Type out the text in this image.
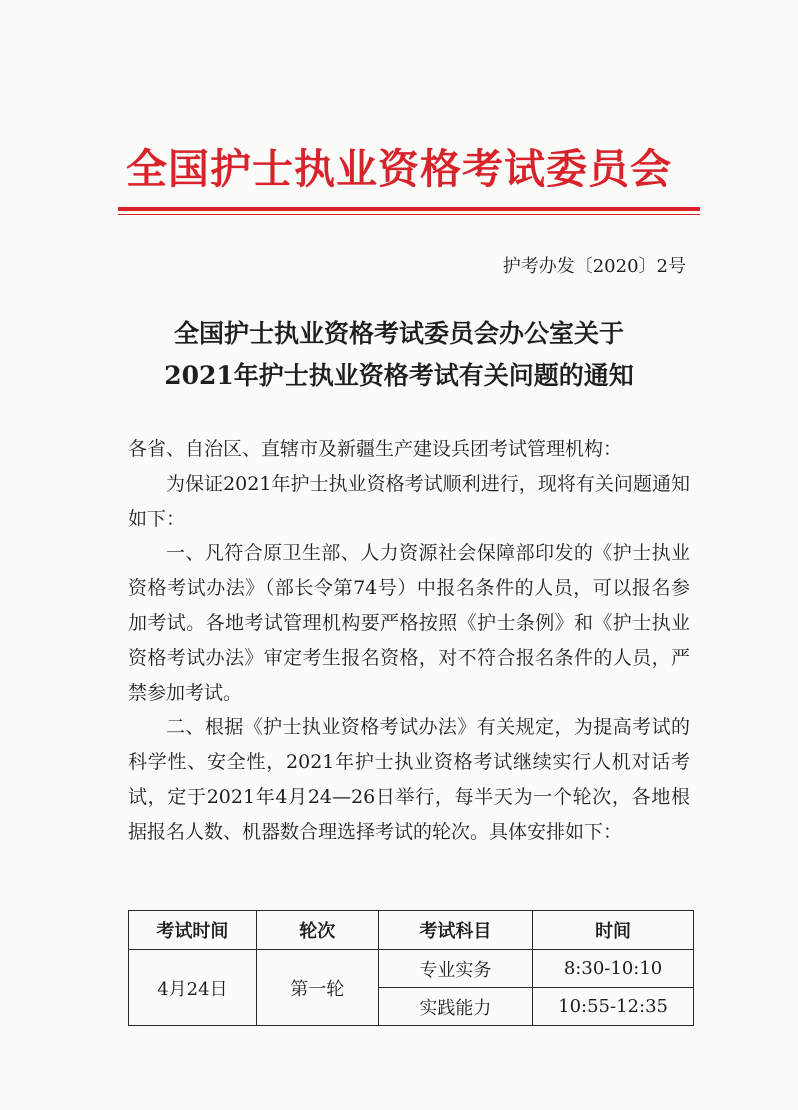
全国护士执业资格考试委员会
护考办发〔2020〕2号
全国护士执业资格考试委员会办公室关于
2021年护士执业资格考试有关问题的通知

各省、自治区、直辖市及新疆生产建设兵团考试管理机构：

为保证2021年护士执业资格考试顺利进行，现将有关问题通知如下：

一、凡符合原卫生部、人力资源社会保障部印发的《护士执业资格考试办法》（部长令第74号）中报名条件的人员，可以报名参加考试。各地考试管理机构要严格按照《护士条例》和《护士执业资格考试办法》审定考生报名资格，对不符合报名条件的人员，严禁参加考试。

二、根据《护士执业资格考试办法》有关规定，为提高考试的科学性、安全性，2021年护士执业资格考试继续实行人机对话考试，定于2021年4月24—26日举行，每半天为一个轮次，各地根据报名人数、机器数合理选择考试的轮次。具体安排如下：

考试时间	轮次	考试科目	时间
4月24日	第一轮	专业实务	8:30-10:10
		实践能力	10:55-12:35
